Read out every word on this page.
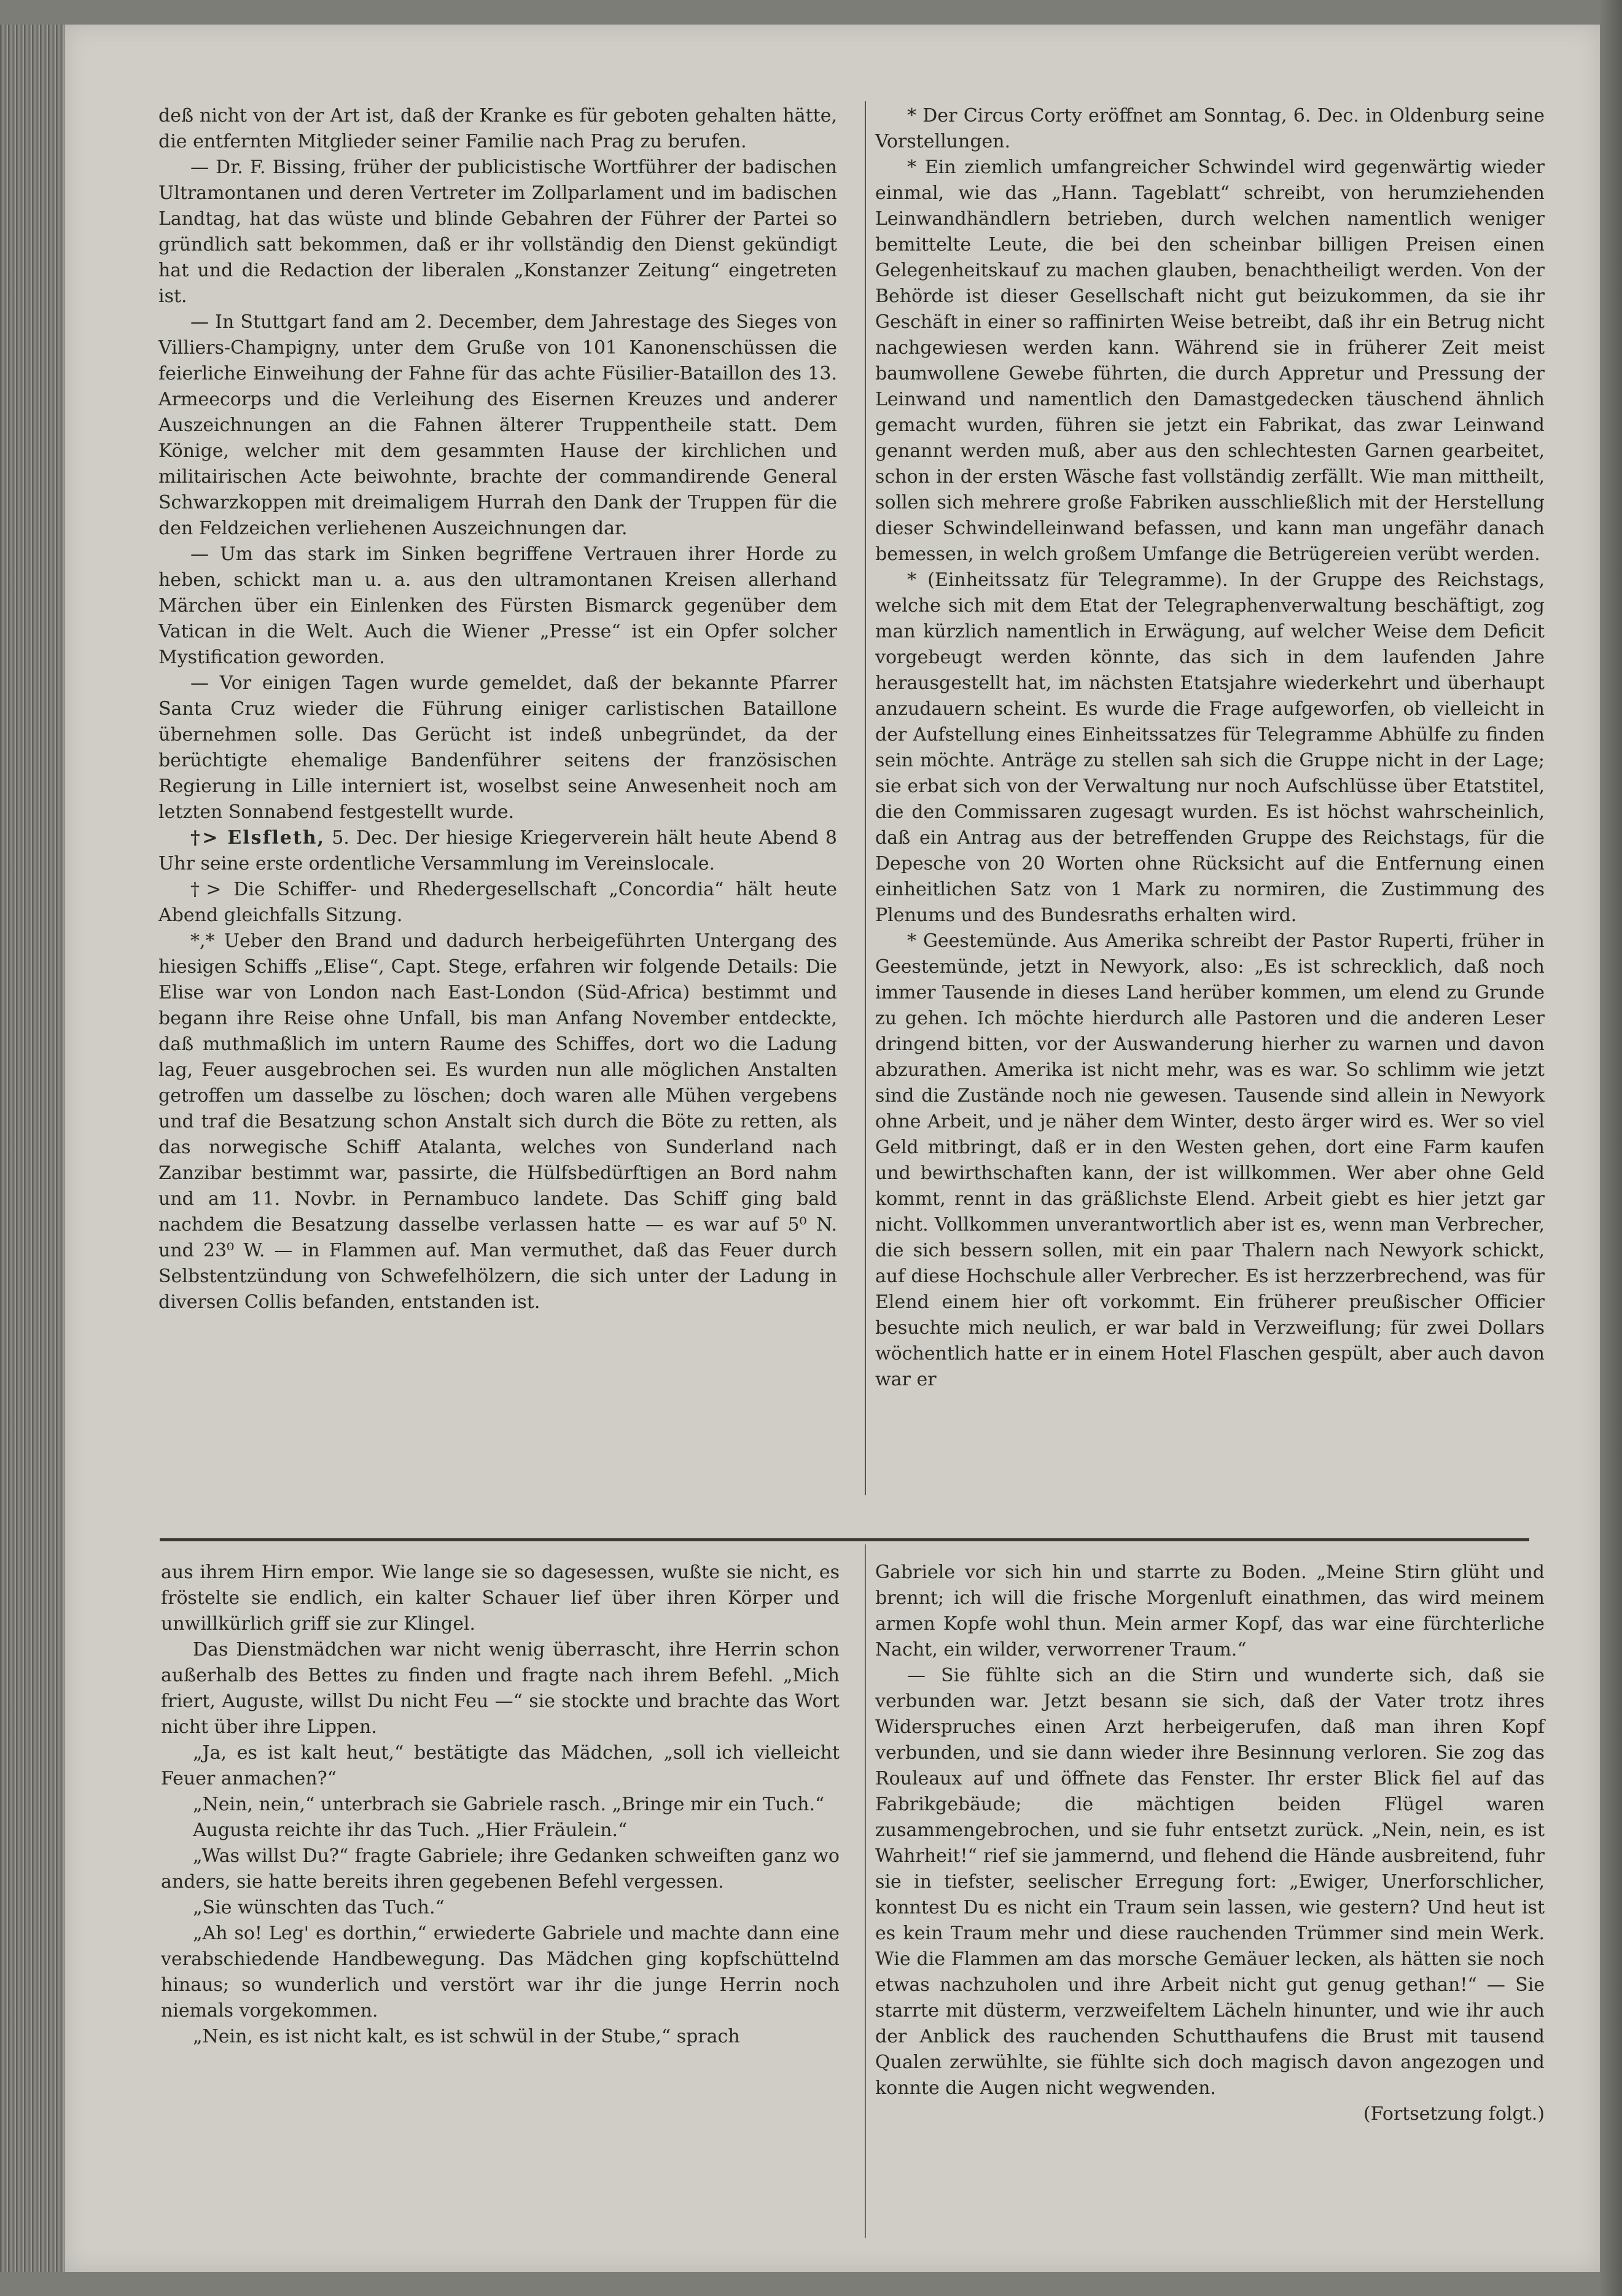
deß nicht von der Art ist, daß der Kranke es für geboten gehalten hätte, die entfernten Mitglieder seiner Familie nach Prag zu berufen.

— Dr. F. Bissing, früher der publicistische Wortführer der badischen Ultramontanen und deren Vertreter im Zollparlament und im badischen Landtag, hat das wüste und blinde Gebahren der Führer der Partei so gründlich satt bekommen, daß er ihr vollständig den Dienst gekündigt hat und die Redaction der liberalen „Konstanzer Zeitung“ eingetreten ist.

— In Stuttgart fand am 2. December, dem Jahrestage des Sieges von Villiers-Champigny, unter dem Gruße von 101 Kanonenschüssen die feierliche Einweihung der Fahne für das achte Füsilier-Bataillon des 13. Armeecorps und die Verleihung des Eisernen Kreuzes und anderer Auszeichnungen an die Fahnen älterer Truppentheile statt. Dem Könige, welcher mit dem gesammten Hause der kirchlichen und militairischen Acte beiwohnte, brachte der commandirende General Schwarzkoppen mit dreimaligem Hurrah den Dank der Truppen für die den Feldzeichen verliehenen Auszeichnungen dar.

— Um das stark im Sinken begriffene Vertrauen ihrer Horde zu heben, schickt man u. a. aus den ultramontanen Kreisen allerhand Märchen über ein Einlenken des Fürsten Bismarck gegenüber dem Vatican in die Welt. Auch die Wiener „Presse“ ist ein Opfer solcher Mystification geworden.

— Vor einigen Tagen wurde gemeldet, daß der bekannte Pfarrer Santa Cruz wieder die Führung einiger carlistischen Bataillone übernehmen solle. Das Gerücht ist indeß unbegründet, da der berüchtigte ehemalige Bandenführer seitens der französischen Regierung in Lille interniert ist, woselbst seine Anwesenheit noch am letzten Sonnabend festgestellt wurde.

†> Elsfleth, 5. Dec. Der hiesige Kriegerverein hält heute Abend 8 Uhr seine erste ordentliche Versammlung im Vereinslocale.

†> Die Schiffer- und Rhedergesellschaft „Concordia“ hält heute Abend gleichfalls Sitzung.

*,* Ueber den Brand und dadurch herbeigeführten Untergang des hiesigen Schiffs „Elise“, Capt. Stege, erfahren wir folgende Details: Die Elise war von London nach East-London (Süd-Africa) bestimmt und begann ihre Reise ohne Unfall, bis man Anfang November entdeckte, daß muthmaßlich im untern Raume des Schiffes, dort wo die Ladung lag, Feuer ausgebrochen sei. Es wurden nun alle möglichen Anstalten getroffen um dasselbe zu löschen; doch waren alle Mühen vergebens und traf die Besatzung schon Anstalt sich durch die Böte zu retten, als das norwegische Schiff Atalanta, welches von Sunderland nach Zanzibar bestimmt war, passirte, die Hülfsbedürftigen an Bord nahm und am 11. Novbr. in Pernambuco landete. Das Schiff ging bald nachdem die Besatzung dasselbe verlassen hatte — es war auf 5⁰ N. und 23⁰ W. — in Flammen auf. Man vermuthet, daß das Feuer durch Selbstentzündung von Schwefelhölzern, die sich unter der Ladung in diversen Collis befanden, entstanden ist.

* Der Circus Corty eröffnet am Sonntag, 6. Dec. in Oldenburg seine Vorstellungen.

* Ein ziemlich umfangreicher Schwindel wird gegenwärtig wieder einmal, wie das „Hann. Tageblatt“ schreibt, von herumziehenden Leinwandhändlern betrieben, durch welchen namentlich weniger bemittelte Leute, die bei den scheinbar billigen Preisen einen Gelegenheitskauf zu machen glauben, benachtheiligt werden. Von der Behörde ist dieser Gesellschaft nicht gut beizukommen, da sie ihr Geschäft in einer so raffinirten Weise betreibt, daß ihr ein Betrug nicht nachgewiesen werden kann. Während sie in früherer Zeit meist baumwollene Gewebe führten, die durch Appretur und Pressung der Leinwand und namentlich den Damastgedecken täuschend ähnlich gemacht wurden, führen sie jetzt ein Fabrikat, das zwar Leinwand genannt werden muß, aber aus den schlechtesten Garnen gearbeitet, schon in der ersten Wäsche fast vollständig zerfällt. Wie man mittheilt, sollen sich mehrere große Fabriken ausschließlich mit der Herstellung dieser Schwindelleinwand befassen, und kann man ungefähr danach bemessen, in welch großem Umfange die Betrügereien verübt werden.

* (Einheitssatz für Telegramme). In der Gruppe des Reichstags, welche sich mit dem Etat der Telegraphenverwaltung beschäftigt, zog man kürzlich namentlich in Erwägung, auf welcher Weise dem Deficit vorgebeugt werden könnte, das sich in dem laufenden Jahre herausgestellt hat, im nächsten Etatsjahre wiederkehrt und überhaupt anzudauern scheint. Es wurde die Frage aufgeworfen, ob vielleicht in der Aufstellung eines Einheitssatzes für Telegramme Abhülfe zu finden sein möchte. Anträge zu stellen sah sich die Gruppe nicht in der Lage; sie erbat sich von der Verwaltung nur noch Aufschlüsse über Etatstitel, die den Commissaren zugesagt wurden. Es ist höchst wahrscheinlich, daß ein Antrag aus der betreffenden Gruppe des Reichstags, für die Depesche von 20 Worten ohne Rücksicht auf die Entfernung einen einheitlichen Satz von 1 Mark zu normiren, die Zustimmung des Plenums und des Bundesraths erhalten wird.

* Geestemünde. Aus Amerika schreibt der Pastor Ruperti, früher in Geestemünde, jetzt in Newyork, also: „Es ist schrecklich, daß noch immer Tausende in dieses Land herüber kommen, um elend zu Grunde zu gehen. Ich möchte hierdurch alle Pastoren und die anderen Leser dringend bitten, vor der Auswanderung hierher zu warnen und davon abzurathen. Amerika ist nicht mehr, was es war. So schlimm wie jetzt sind die Zustände noch nie gewesen. Tausende sind allein in Newyork ohne Arbeit, und je näher dem Winter, desto ärger wird es. Wer so viel Geld mitbringt, daß er in den Westen gehen, dort eine Farm kaufen und bewirthschaften kann, der ist willkommen. Wer aber ohne Geld kommt, rennt in das gräßlichste Elend. Arbeit giebt es hier jetzt gar nicht. Vollkommen unverantwortlich aber ist es, wenn man Verbrecher, die sich bessern sollen, mit ein paar Thalern nach Newyork schickt, auf diese Hochschule aller Verbrecher. Es ist herzzerbrechend, was für Elend einem hier oft vorkommt. Ein früherer preußischer Officier besuchte mich neulich, er war bald in Verzweiflung; für zwei Dollars wöchentlich hatte er in einem Hotel Flaschen gespült, aber auch davon war er

aus ihrem Hirn empor. Wie lange sie so dagesessen, wußte sie nicht, es fröstelte sie endlich, ein kalter Schauer lief über ihren Körper und unwillkürlich griff sie zur Klingel.

Das Dienstmädchen war nicht wenig überrascht, ihre Herrin schon außerhalb des Bettes zu finden und fragte nach ihrem Befehl. „Mich friert, Auguste, willst Du nicht Feu —“ sie stockte und brachte das Wort nicht über ihre Lippen.

„Ja, es ist kalt heut,“ bestätigte das Mädchen, „soll ich vielleicht Feuer anmachen?“

„Nein, nein,“ unterbrach sie Gabriele rasch. „Bringe mir ein Tuch.“

Augusta reichte ihr das Tuch. „Hier Fräulein.“

„Was willst Du?“ fragte Gabriele; ihre Gedanken schweiften ganz wo anders, sie hatte bereits ihren gegebenen Befehl vergessen.

„Sie wünschten das Tuch.“

„Ah so! Leg' es dorthin,“ erwiederte Gabriele und machte dann eine verabschiedende Handbewegung. Das Mädchen ging kopfschüttelnd hinaus; so wunderlich und verstört war ihr die junge Herrin noch niemals vorgekommen.

„Nein, es ist nicht kalt, es ist schwül in der Stube,“ sprach

Gabriele vor sich hin und starrte zu Boden. „Meine Stirn glüht und brennt; ich will die frische Morgenluft einathmen, das wird meinem armen Kopfe wohl thun. Mein armer Kopf, das war eine fürchterliche Nacht, ein wilder, verworrener Traum.“

— Sie fühlte sich an die Stirn und wunderte sich, daß sie verbunden war. Jetzt besann sie sich, daß der Vater trotz ihres Widerspruches einen Arzt herbeigerufen, daß man ihren Kopf verbunden, und sie dann wieder ihre Besinnung verloren. Sie zog das Rouleaux auf und öffnete das Fenster. Ihr erster Blick fiel auf das Fabrikgebäude; die mächtigen beiden Flügel waren zusammengebrochen, und sie fuhr entsetzt zurück. „Nein, nein, es ist Wahrheit!“ rief sie jammernd, und flehend die Hände ausbreitend, fuhr sie in tiefster, seelischer Erregung fort: „Ewiger, Unerforschlicher, konntest Du es nicht ein Traum sein lassen, wie gestern? Und heut ist es kein Traum mehr und diese rauchenden Trümmer sind mein Werk. Wie die Flammen am das morsche Gemäuer lecken, als hätten sie noch etwas nachzuholen und ihre Arbeit nicht gut genug gethan!“ — Sie starrte mit düsterm, verzweifeltem Lächeln hinunter, und wie ihr auch der Anblick des rauchenden Schutthaufens die Brust mit tausend Qualen zerwühlte, sie fühlte sich doch magisch davon angezogen und konnte die Augen nicht wegwenden.

(Fortsetzung folgt.)
